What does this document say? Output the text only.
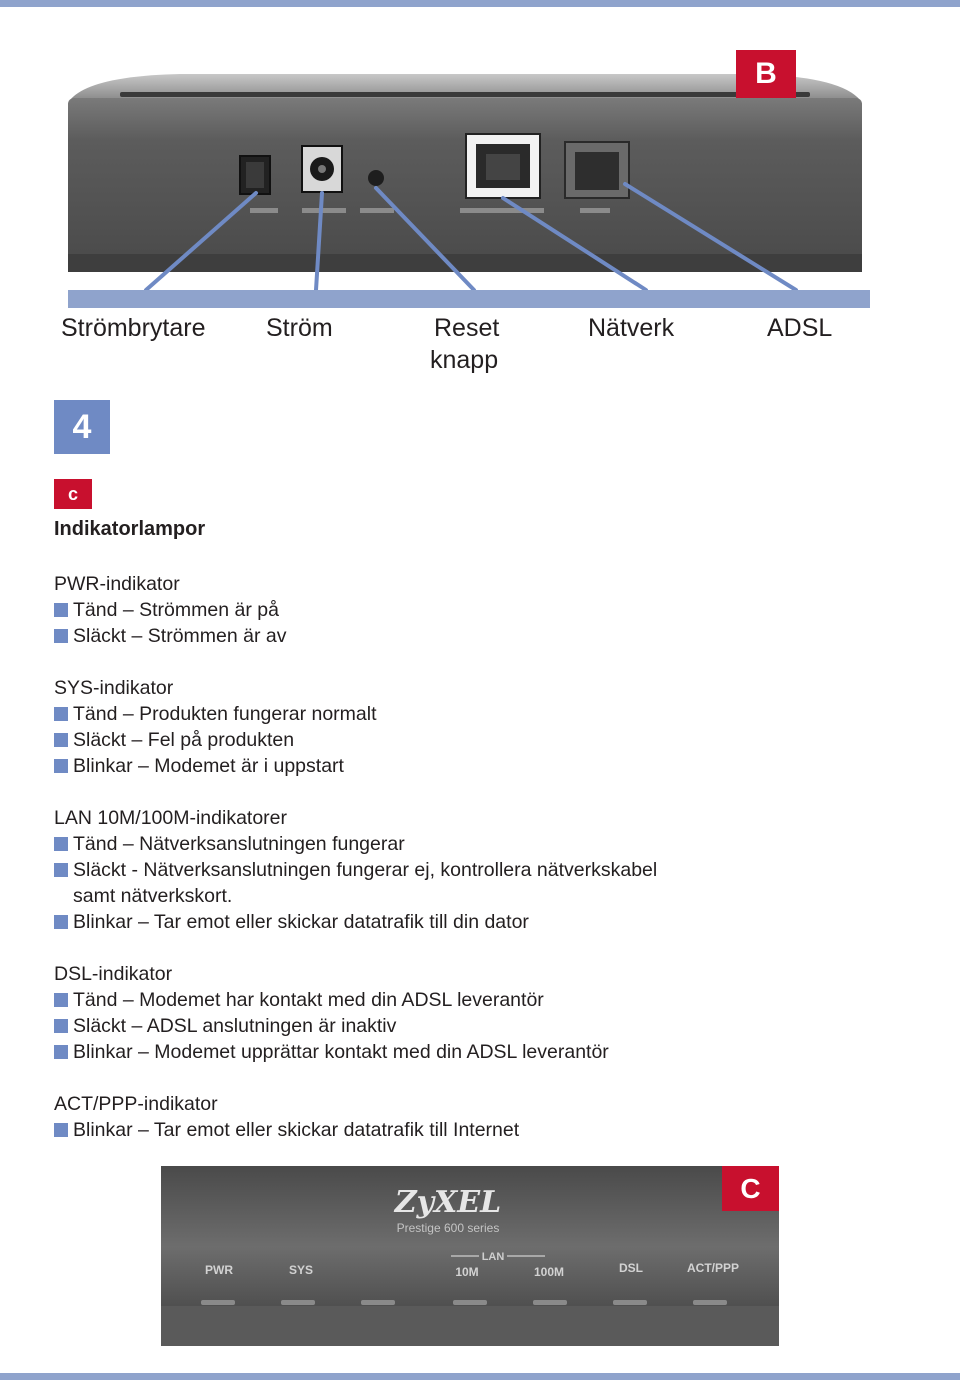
B
Strömbrytare Ström	Reset
knapp
Nätverk	ADSL
4
c
Indikatorlampor
PWR-indikator
Tänd – Strömmen är på
Släckt – Strömmen är av
SYS-indikator
Tänd – Produkten fungerar normalt
Släckt – Fel på produkten
Blinkar – Modemet är i uppstart
LAN 10M/100M-indikatorer
Tänd – Nätverksanslutningen fungerar
Släckt - Nätverksanslutningen fungerar ej, kontrollera nätverkskabel samt nätverkskort.
Blinkar – Tar emot eller skickar datatrafik till din dator
DSL-indikator
Tänd – Modemet har kontakt med din ADSL leverantör
Släckt – ADSL anslutningen är inaktiv
Blinkar – Modemet upprättar kontakt med din ADSL leverantör
ACT/PPP-indikator
Blinkar – Tar emot eller skickar datatrafik till Internet
ZyXEL
Prestige 600 series
LAN
PWR	SYS	10M	100M	DSL	ACT/PPP
C
